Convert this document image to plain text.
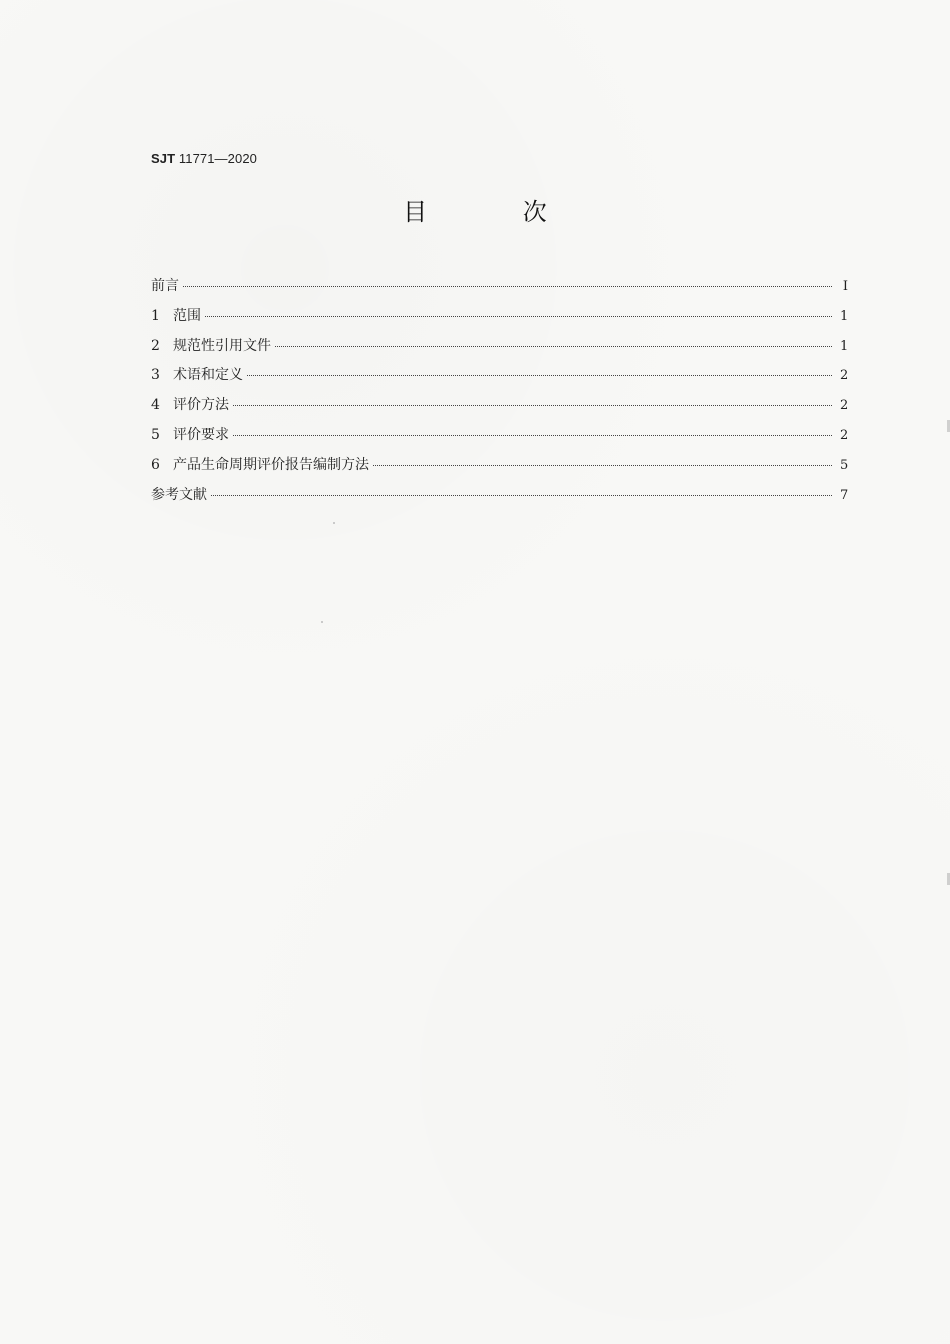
SJT 11771—2020
目 次
前言	I
1 范围	1
2 规范性引用文件	1
3 术语和定义	2
4 评价方法	2
5 评价要求	2
6 产品生命周期评价报告编制方法	5
参考文献	7
